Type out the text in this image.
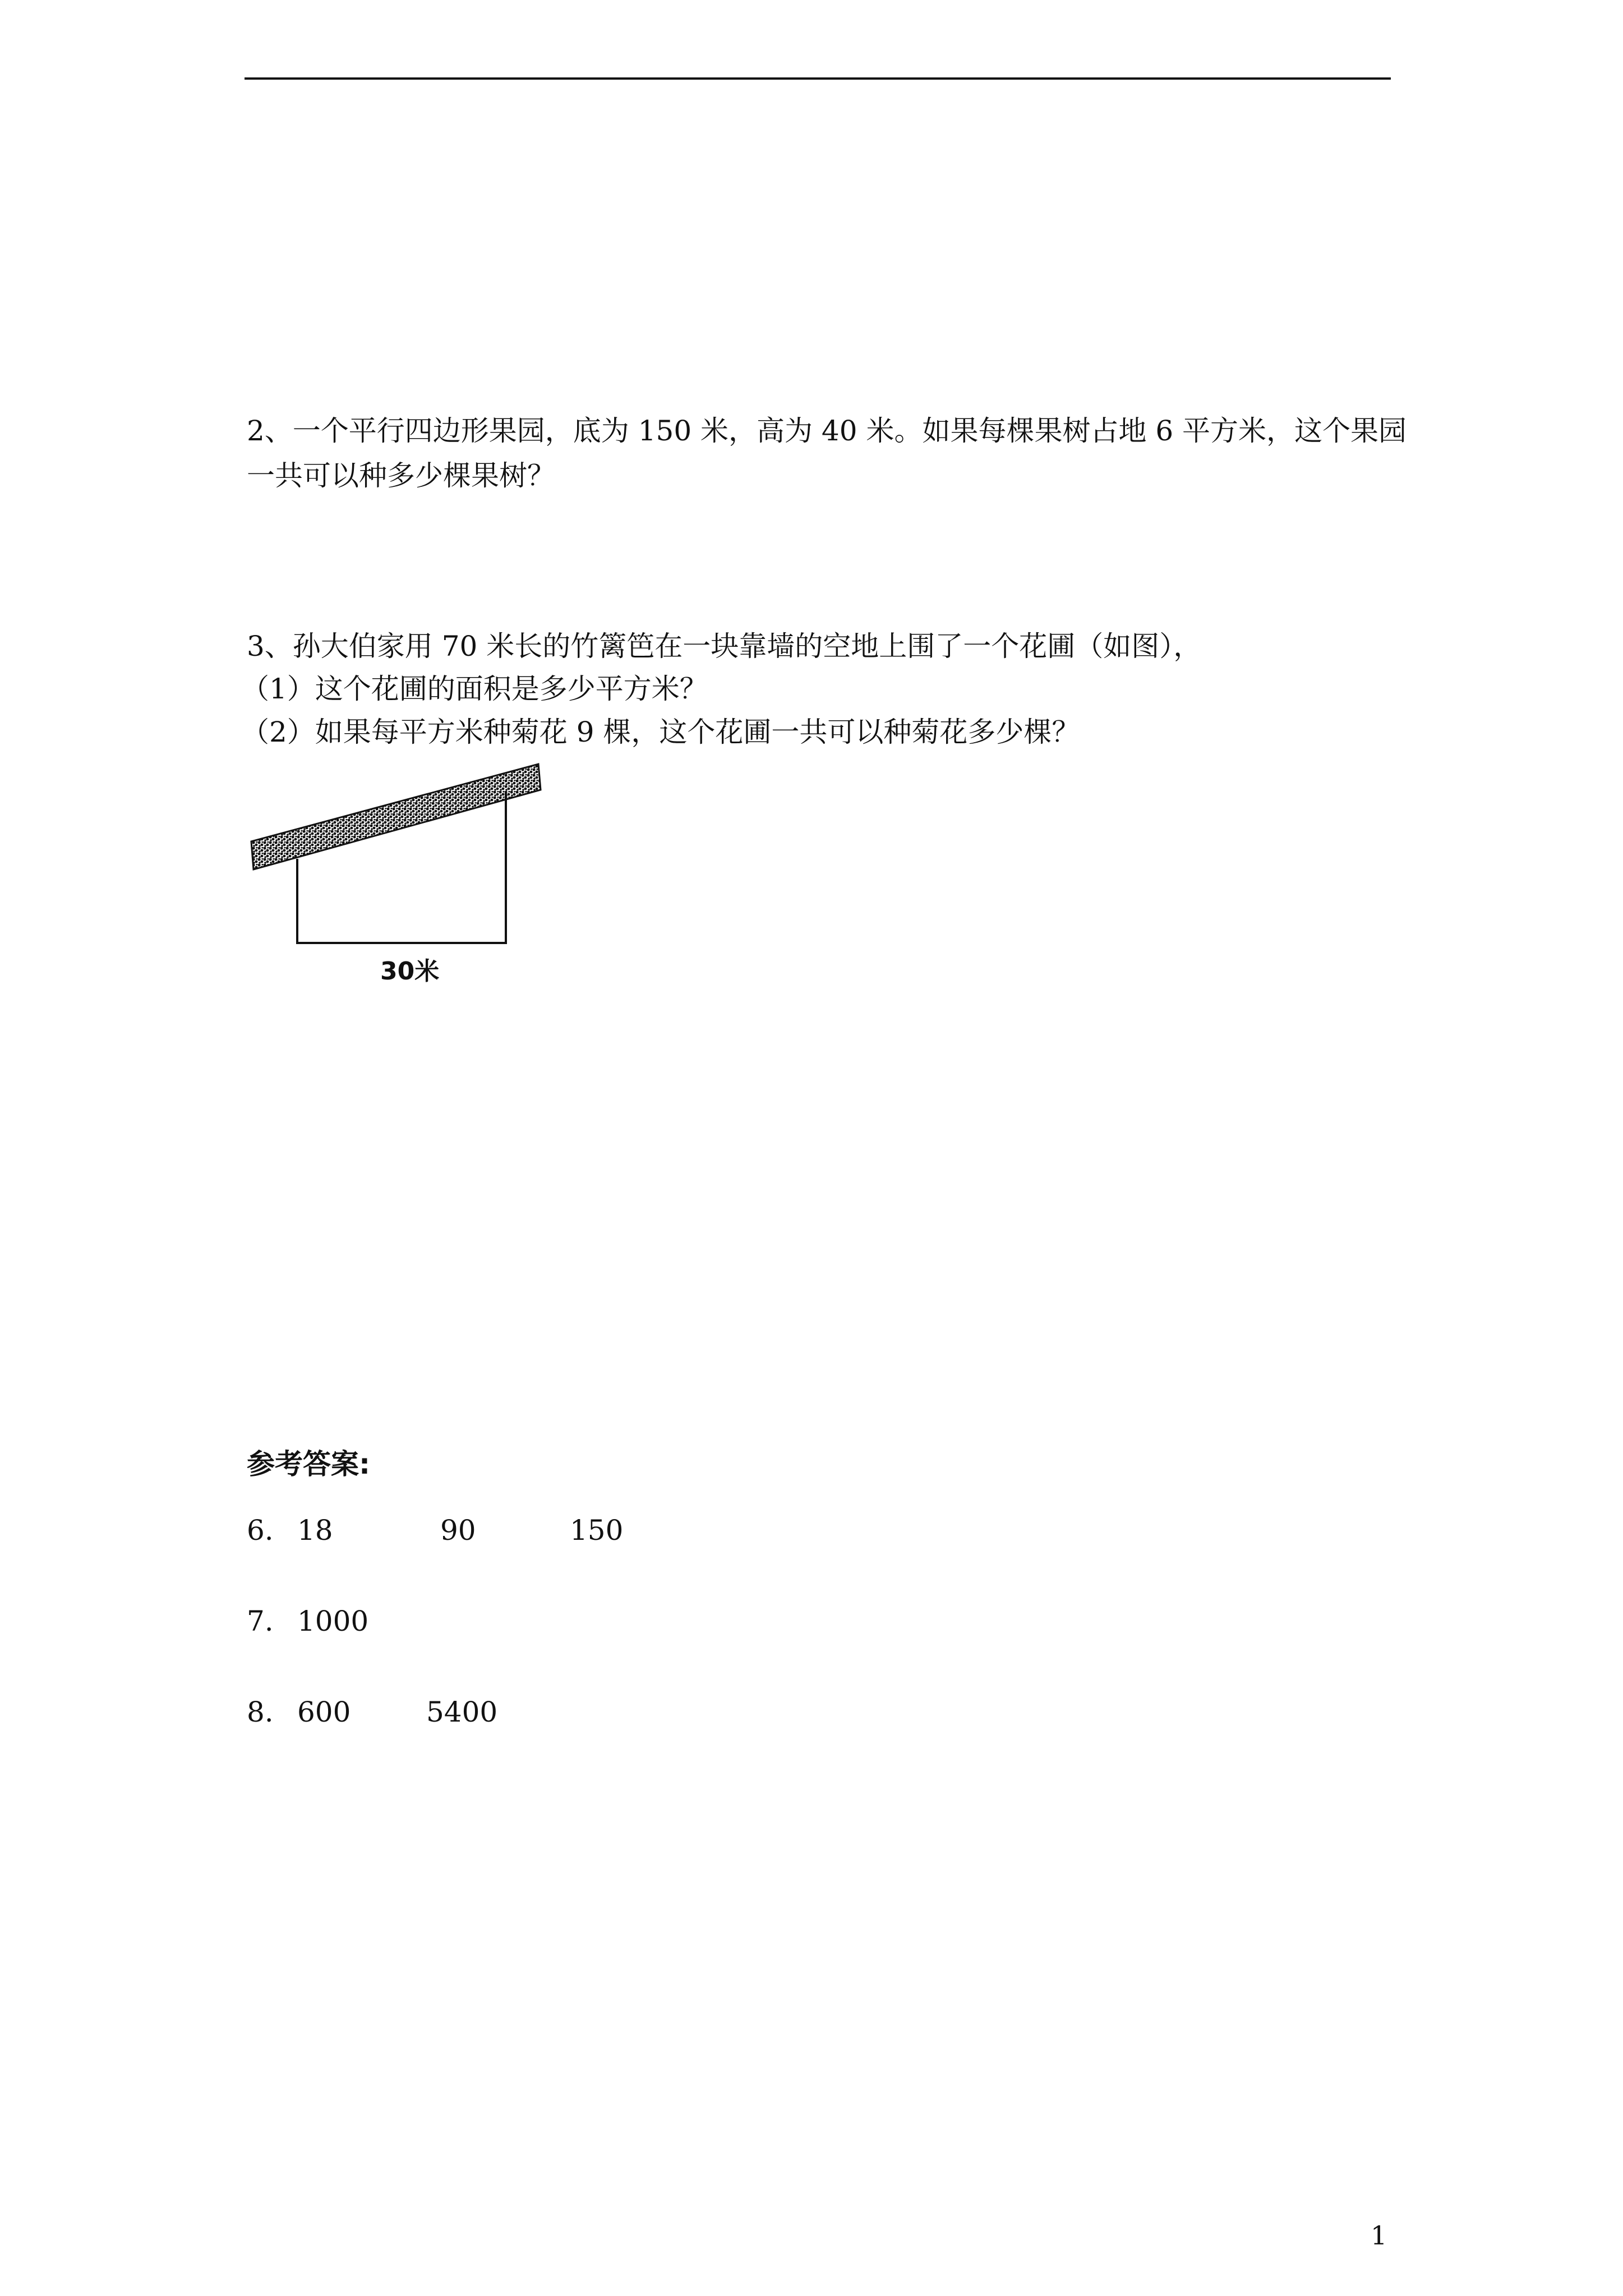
2、一个平行四边形果园，底为 150 米，高为 40 米。如果每棵果树占地 6 平方米，这个果园
一共可以种多少棵果树？
3、孙大伯家用 70 米长的竹篱笆在一块靠墙的空地上围了一个花圃（如图），
（1）这个花圃的面积是多少平方米？
（2）如果每平方米种菊花 9 棵，这个花圃一共可以种菊花多少棵？
30米
参考答案:
6. 18	90	150
7. 1000
8. 600	5400
1
